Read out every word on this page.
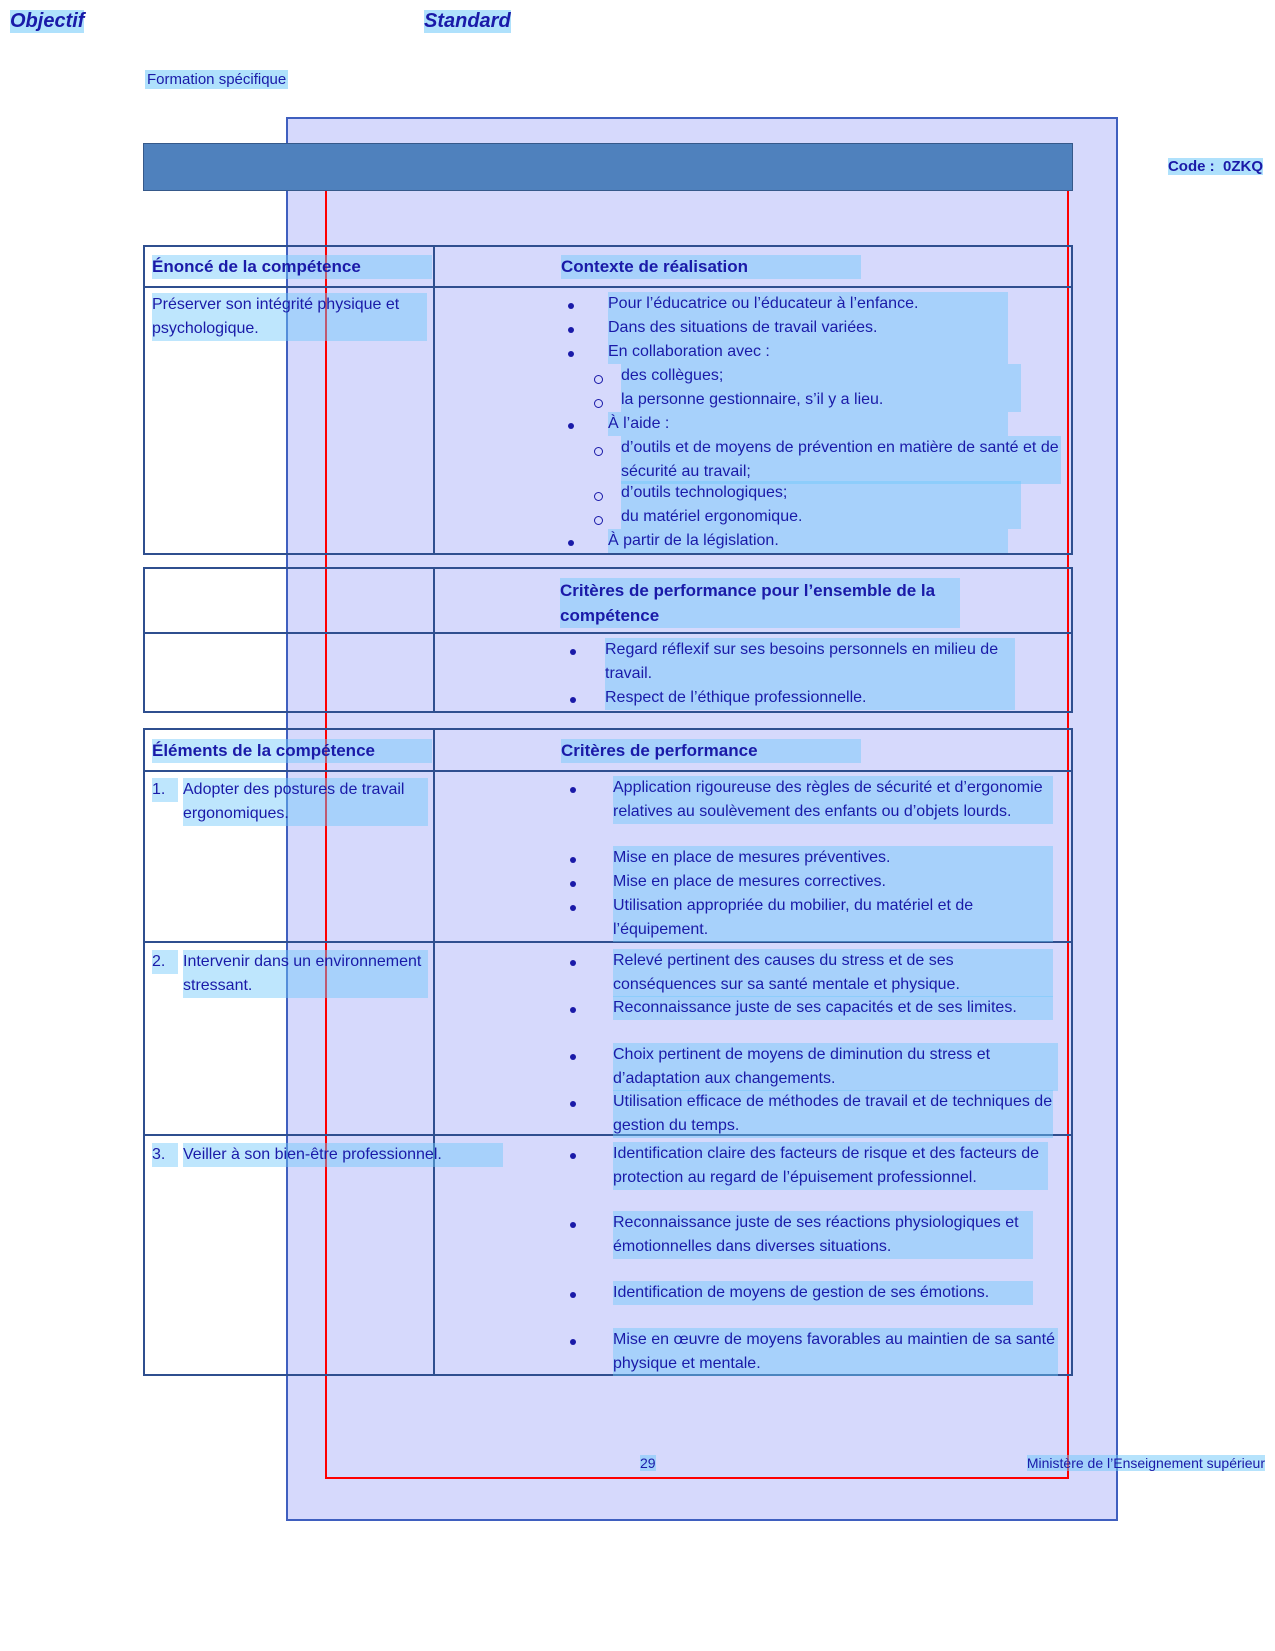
Formation spécifique
Code : 0ZKQ
Objectif	Standard
Énoncé de la compétence	Contexte de réalisation
Préserver son intégrité physique et psychologique.
Pour l’éducatrice ou l’éducateur à l’enfance.
Dans des situations de travail variées.
En collaboration avec :
des collègues;
la personne gestionnaire, s’il y a lieu.
À l’aide :
d’outils et de moyens de prévention en matière de santé et de sécurité au travail;
d’outils technologiques;
du matériel ergonomique.
À partir de la législation.
Critères de performance pour l’ensemble de la compétence
Regard réflexif sur ses besoins personnels en milieu de travail.
Respect de l’éthique professionnelle.
Éléments de la compétence	Critères de performance
1.	Adopter des postures de travail ergonomiques.
Application rigoureuse des règles de sécurité et d’ergonomie relatives au soulèvement des enfants ou d’objets lourds.
Mise en place de mesures préventives.
Mise en place de mesures correctives.
Utilisation appropriée du mobilier, du matériel et de l’équipement.
2.	Intervenir dans un environnement stressant.
Relevé pertinent des causes du stress et de ses conséquences sur sa santé mentale et physique.
Reconnaissance juste de ses capacités et de ses limites.
Choix pertinent de moyens de diminution du stress et d’adaptation aux changements.
Utilisation efficace de méthodes de travail et de techniques de gestion du temps.
3.	Veiller à son bien-être professionnel.	Identification claire des facteurs de risque et des facteurs de protection au regard de l’épuisement professionnel.
Reconnaissance juste de ses réactions physiologiques et émotionnelles dans diverses situations.
Identification de moyens de gestion de ses émotions.
Mise en œuvre de moyens favorables au maintien de sa santé physique et mentale.
29	Ministère de l’Enseignement supérieur
